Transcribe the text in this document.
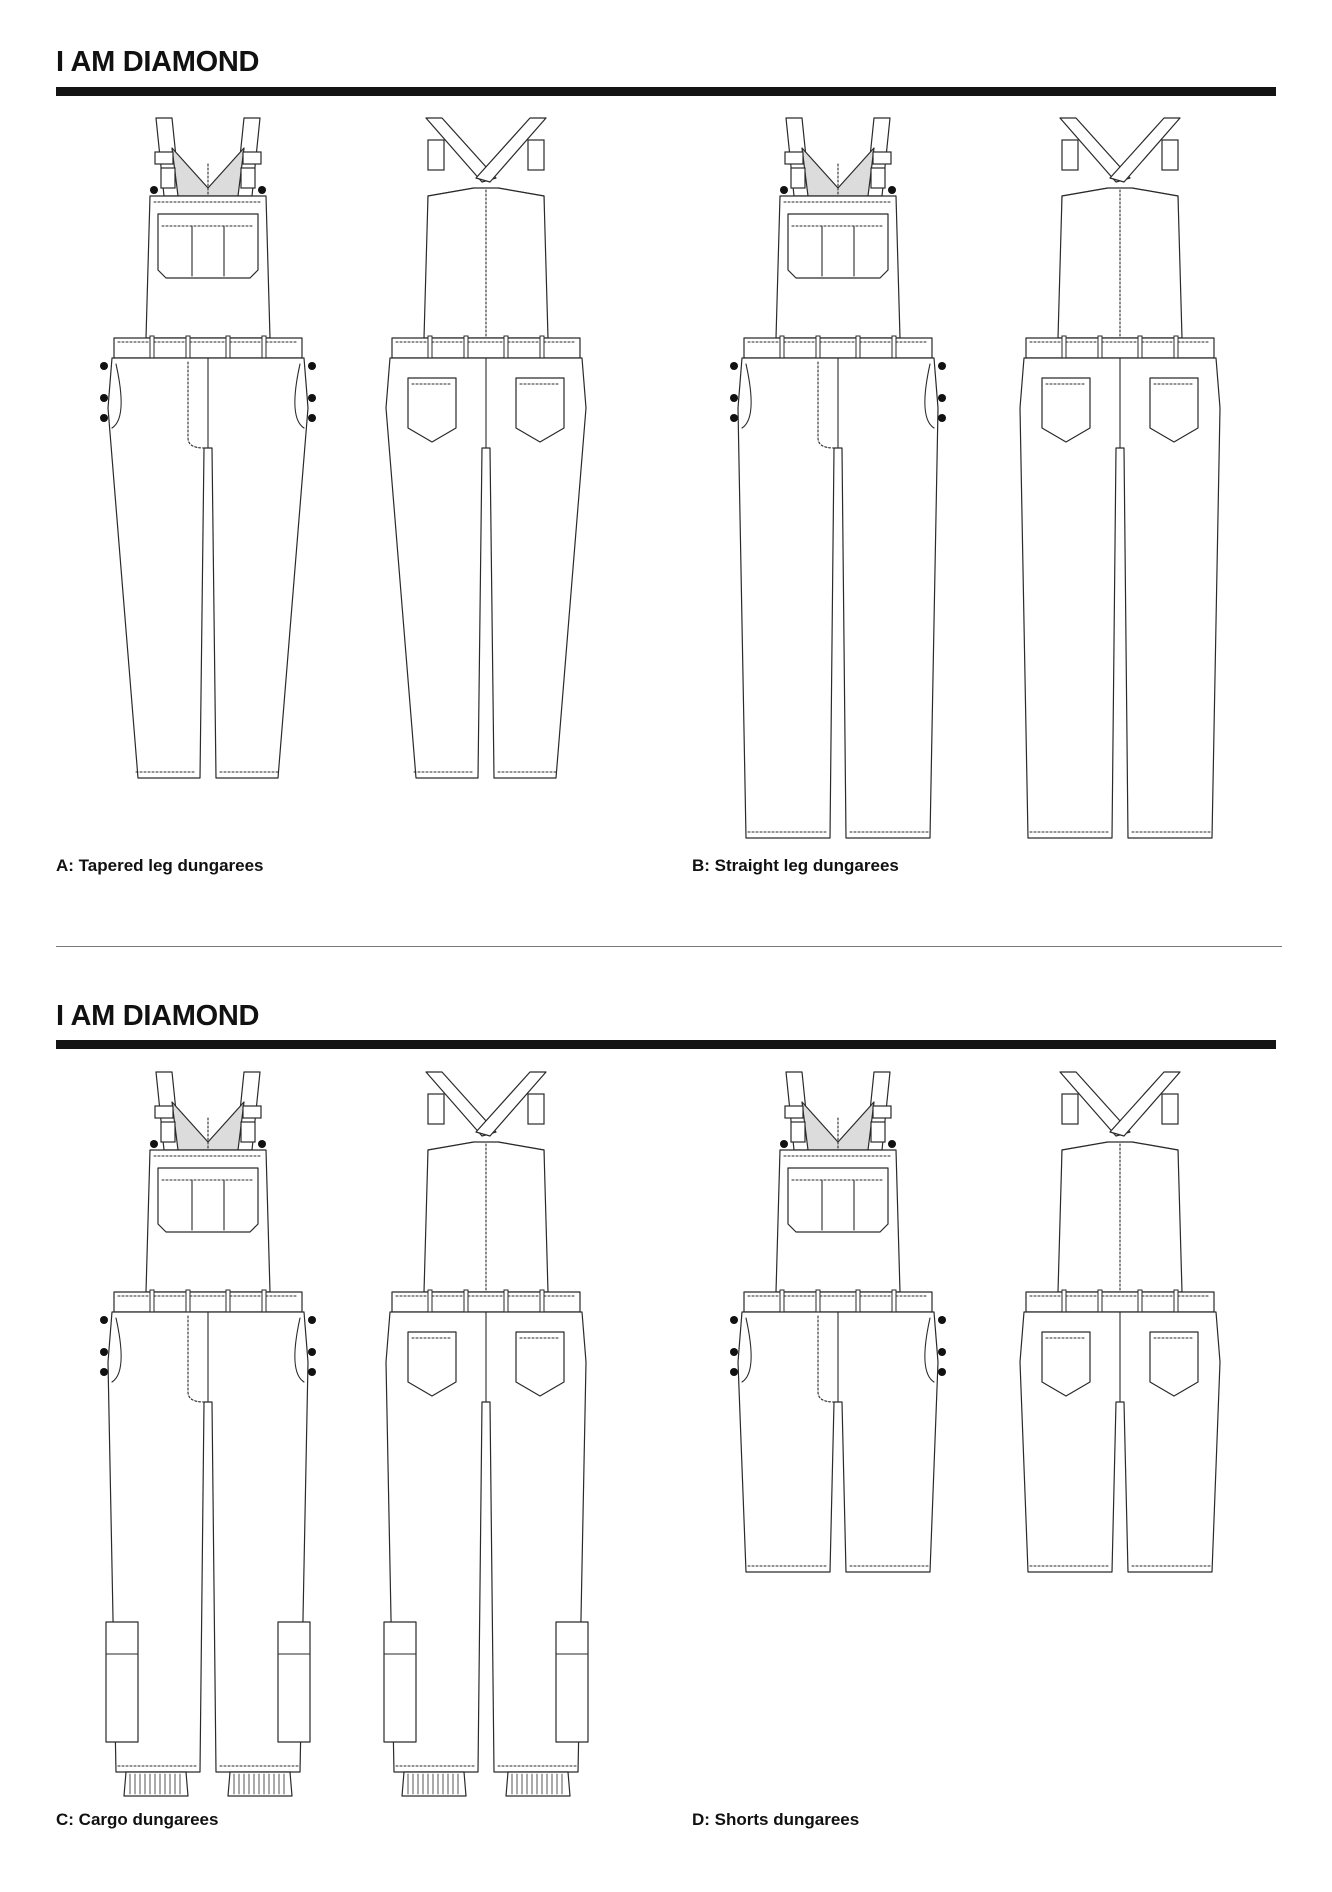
I AM DIAMOND

A: Tapered leg dungarees	B: Straight leg dungarees

I AM DIAMOND

C: Cargo dungarees	D: Shorts dungarees
